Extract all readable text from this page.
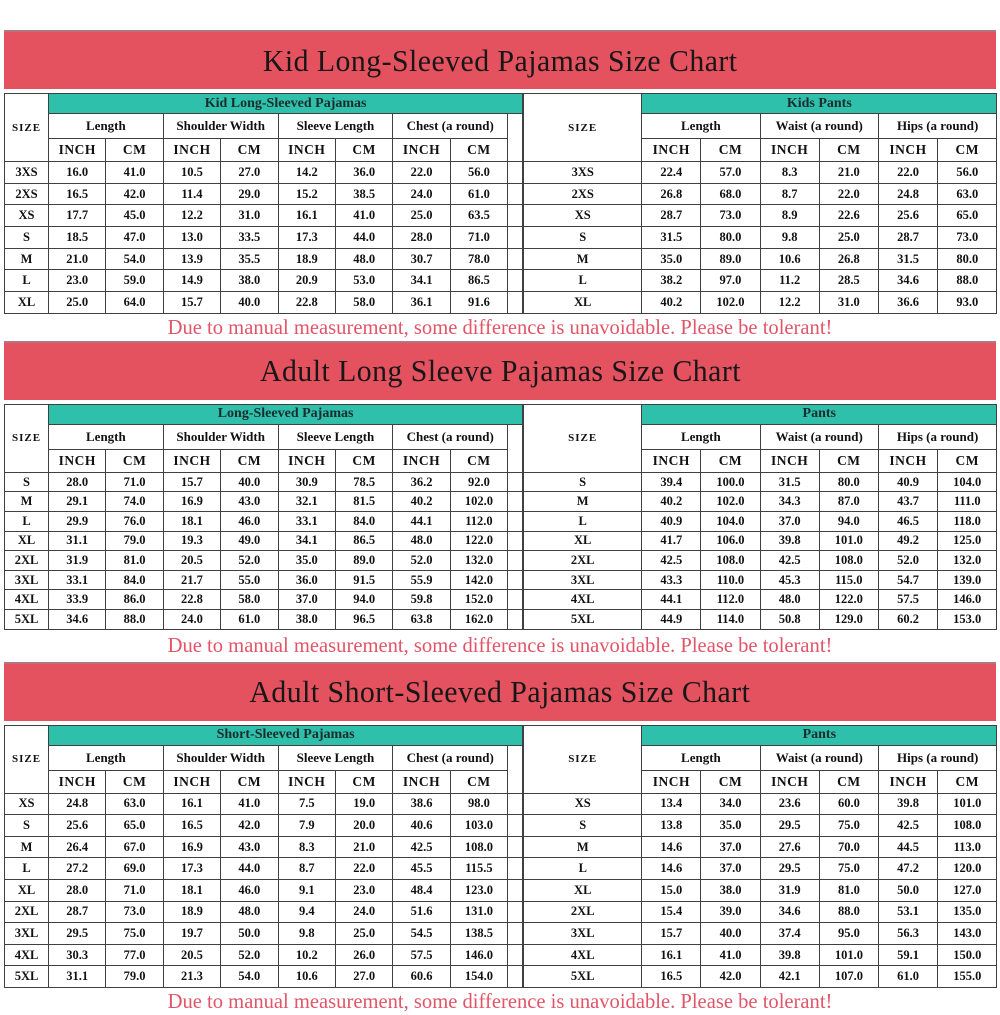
Kid Long-Sleeved Pajamas Size Chart
SIZE	Kid Long-Sleeved Pajamas								
	Length		Shoulder Width		Sleeve Length		Chest (a round)		
	INCH	CM	INCH	CM	INCH	CM	INCH	CM	
3XS	16.0	41.0	10.5	27.0	14.2	36.0	22.0	56.0	
2XS	16.5	42.0	11.4	29.0	15.2	38.5	24.0	61.0	
XS	17.7	45.0	12.2	31.0	16.1	41.0	25.0	63.5	
S	18.5	47.0	13.0	33.5	17.3	44.0	28.0	71.0	
M	21.0	54.0	13.9	35.5	18.9	48.0	30.7	78.0	
L	23.0	59.0	14.9	38.0	20.9	53.0	34.1	86.5	
XL	25.0	64.0	15.7	40.0	22.8	58.0	36.1	91.6	
SIZE	Kids Pants					
	Length		Waist (a round)		Hips (a round)	
	INCH	CM	INCH	CM	INCH	CM
3XS	22.4	57.0	8.3	21.0	22.0	56.0
2XS	26.8	68.0	8.7	22.0	24.8	63.0
XS	28.7	73.0	8.9	22.6	25.6	65.0
S	31.5	80.0	9.8	25.0	28.7	73.0
M	35.0	89.0	10.6	26.8	31.5	80.0
L	38.2	97.0	11.2	28.5	34.6	88.0
XL	40.2	102.0	12.2	31.0	36.6	93.0
Due to manual measurement, some difference is unavoidable. Please be tolerant!
Adult Long Sleeve Pajamas Size Chart
SIZE	Long-Sleeved Pajamas								
	Length		Shoulder Width		Sleeve Length		Chest (a round)		
	INCH	CM	INCH	CM	INCH	CM	INCH	CM	
S	28.0	71.0	15.7	40.0	30.9	78.5	36.2	92.0	
M	29.1	74.0	16.9	43.0	32.1	81.5	40.2	102.0	
L	29.9	76.0	18.1	46.0	33.1	84.0	44.1	112.0	
XL	31.1	79.0	19.3	49.0	34.1	86.5	48.0	122.0	
2XL	31.9	81.0	20.5	52.0	35.0	89.0	52.0	132.0	
3XL	33.1	84.0	21.7	55.0	36.0	91.5	55.9	142.0	
4XL	33.9	86.0	22.8	58.0	37.0	94.0	59.8	152.0	
5XL	34.6	88.0	24.0	61.0	38.0	96.5	63.8	162.0	
SIZE	Pants					
	Length		Waist (a round)		Hips (a round)	
	INCH	CM	INCH	CM	INCH	CM
S	39.4	100.0	31.5	80.0	40.9	104.0
M	40.2	102.0	34.3	87.0	43.7	111.0
L	40.9	104.0	37.0	94.0	46.5	118.0
XL	41.7	106.0	39.8	101.0	49.2	125.0
2XL	42.5	108.0	42.5	108.0	52.0	132.0
3XL	43.3	110.0	45.3	115.0	54.7	139.0
4XL	44.1	112.0	48.0	122.0	57.5	146.0
5XL	44.9	114.0	50.8	129.0	60.2	153.0
Due to manual measurement, some difference is unavoidable. Please be tolerant!
Adult Short-Sleeved Pajamas Size Chart
SIZE	Short-Sleeved Pajamas								
	Length		Shoulder Width		Sleeve Length		Chest (a round)		
	INCH	CM	INCH	CM	INCH	CM	INCH	CM	
XS	24.8	63.0	16.1	41.0	7.5	19.0	38.6	98.0	
S	25.6	65.0	16.5	42.0	7.9	20.0	40.6	103.0	
M	26.4	67.0	16.9	43.0	8.3	21.0	42.5	108.0	
L	27.2	69.0	17.3	44.0	8.7	22.0	45.5	115.5	
XL	28.0	71.0	18.1	46.0	9.1	23.0	48.4	123.0	
2XL	28.7	73.0	18.9	48.0	9.4	24.0	51.6	131.0	
3XL	29.5	75.0	19.7	50.0	9.8	25.0	54.5	138.5	
4XL	30.3	77.0	20.5	52.0	10.2	26.0	57.5	146.0	
5XL	31.1	79.0	21.3	54.0	10.6	27.0	60.6	154.0	
SIZE	Pants					
	Length		Waist (a round)		Hips (a round)	
	INCH	CM	INCH	CM	INCH	CM
XS	13.4	34.0	23.6	60.0	39.8	101.0
S	13.8	35.0	29.5	75.0	42.5	108.0
M	14.6	37.0	27.6	70.0	44.5	113.0
L	14.6	37.0	29.5	75.0	47.2	120.0
XL	15.0	38.0	31.9	81.0	50.0	127.0
2XL	15.4	39.0	34.6	88.0	53.1	135.0
3XL	15.7	40.0	37.4	95.0	56.3	143.0
4XL	16.1	41.0	39.8	101.0	59.1	150.0
5XL	16.5	42.0	42.1	107.0	61.0	155.0
Due to manual measurement, some difference is unavoidable. Please be tolerant!
